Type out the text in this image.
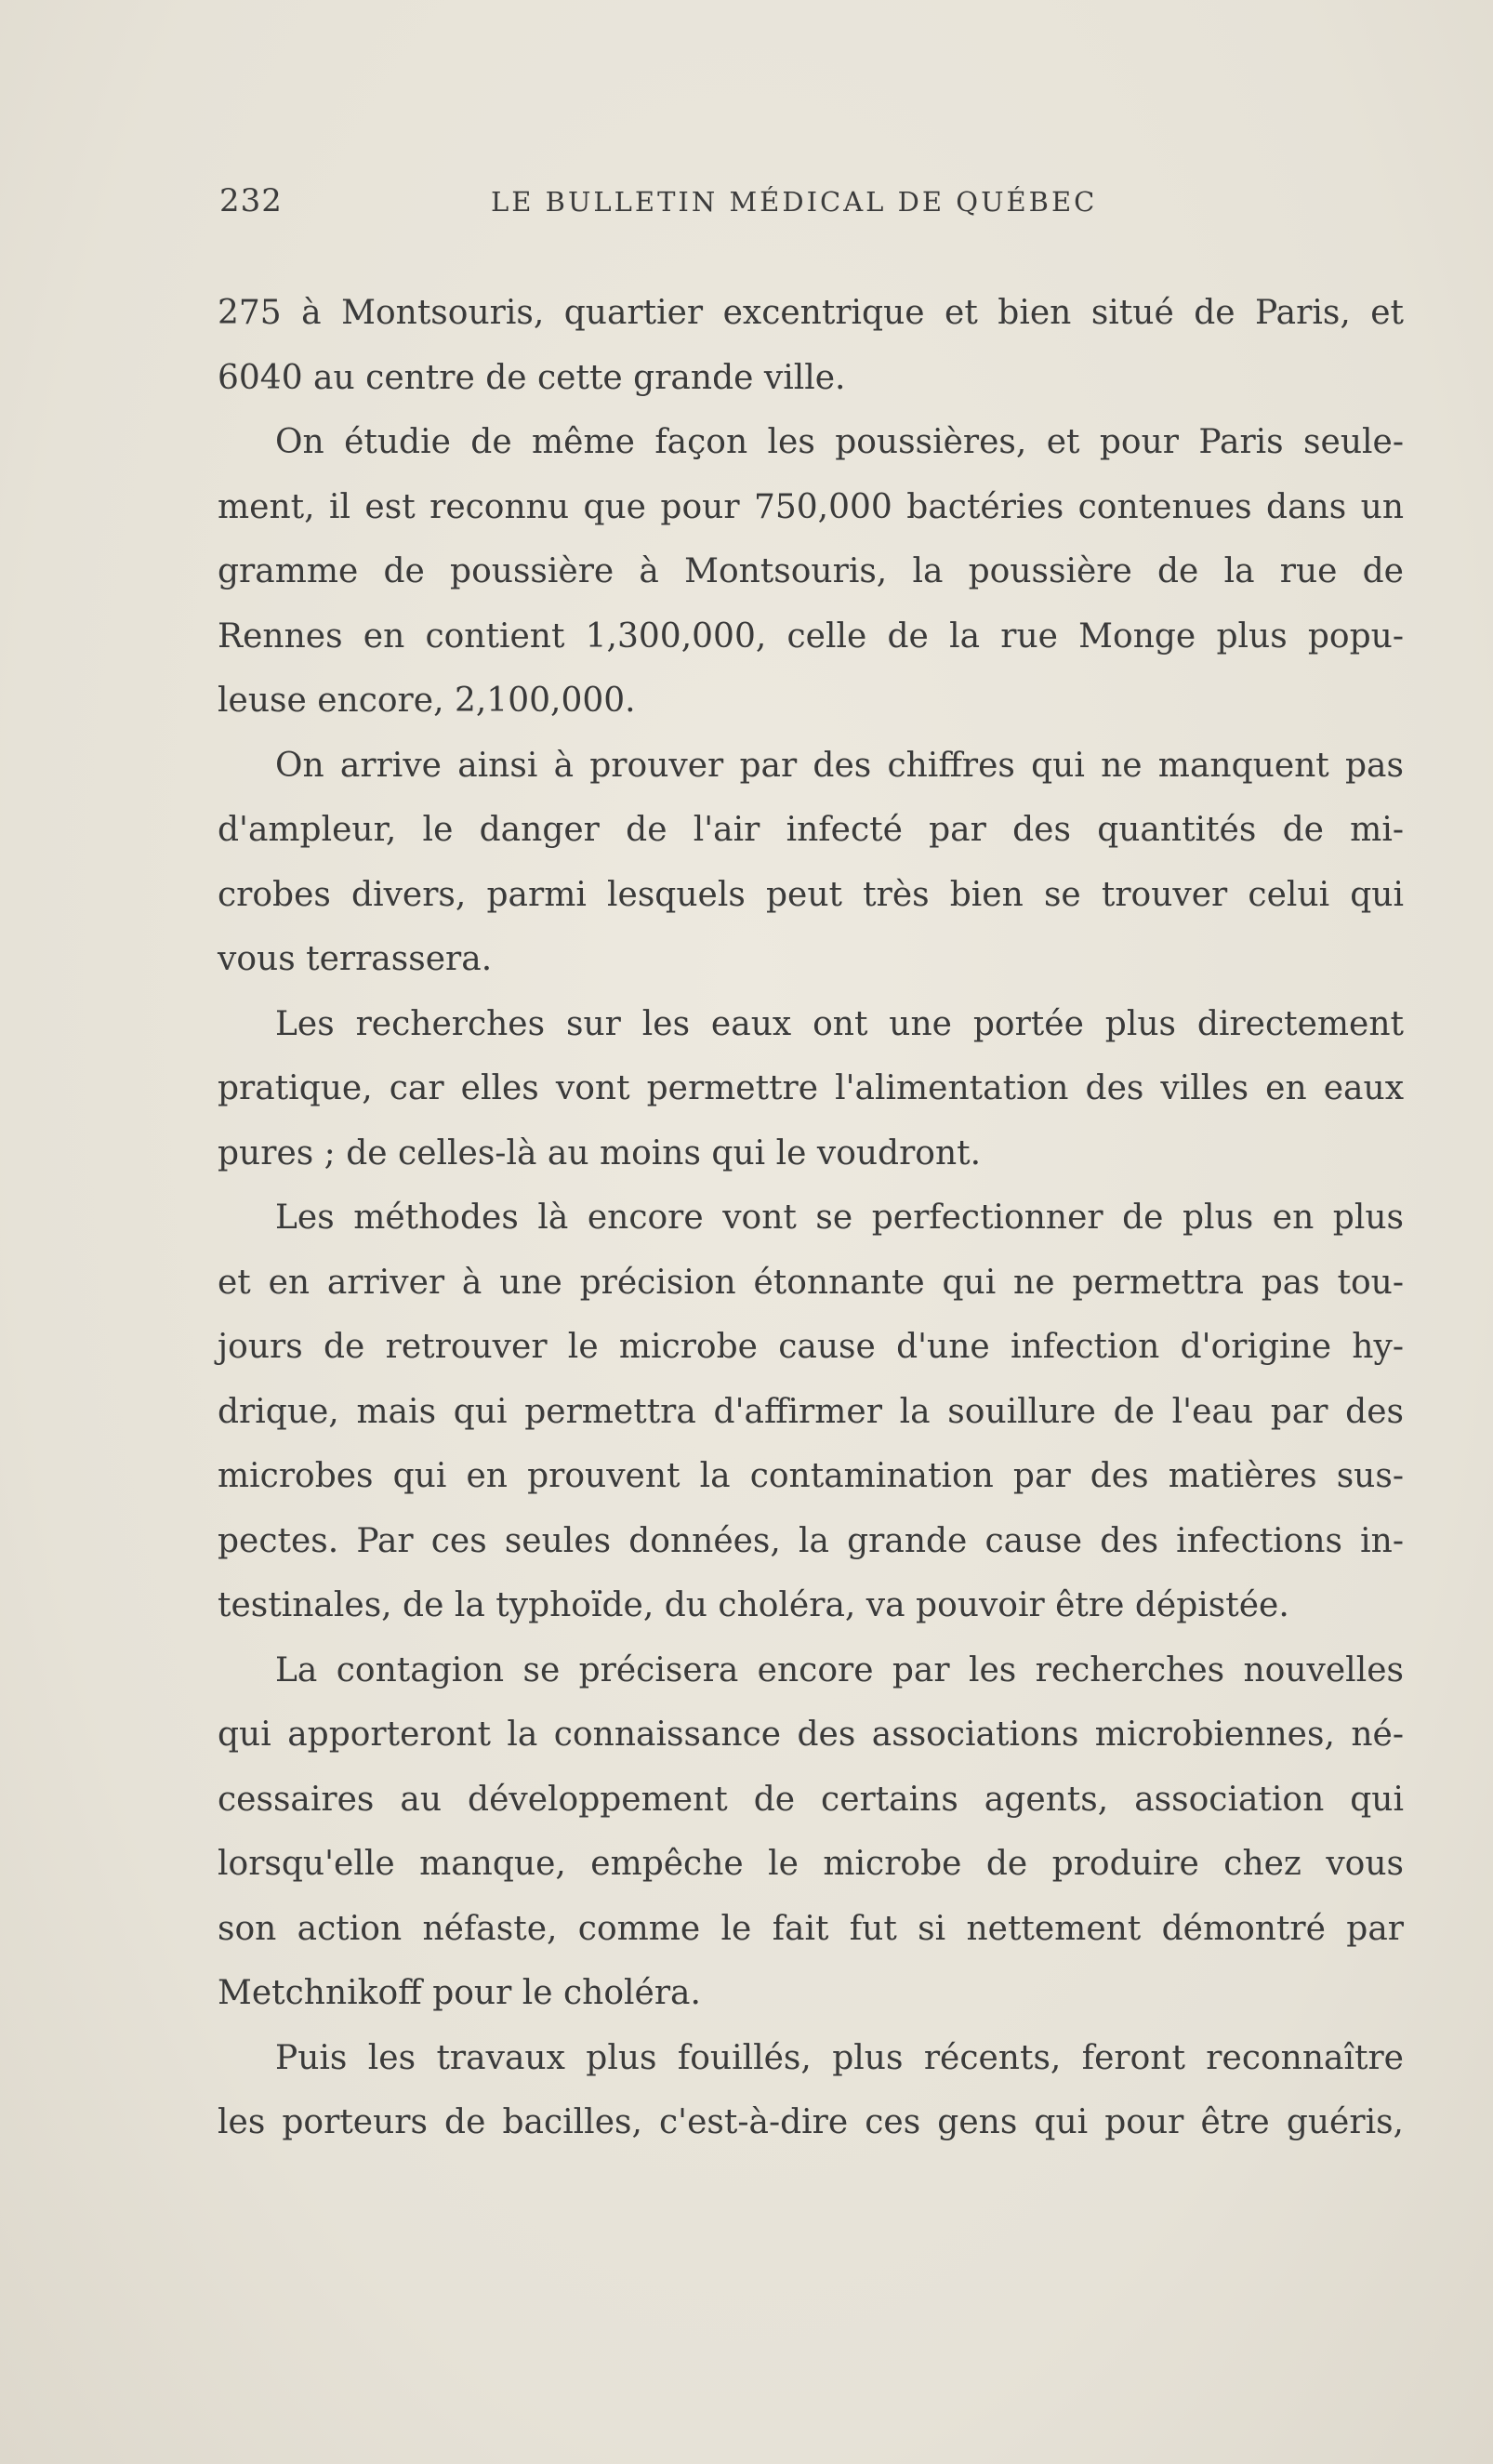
232	LE BULLETIN MÉDICAL DE QUÉBEC
275 à Montsouris, quartier excentrique et bien situé de Paris, et
6040 au centre de cette grande ville.
On étudie de même façon les poussières, et pour Paris seule-
ment, il est reconnu que pour 750,000 bactéries contenues dans un
gramme de poussière à Montsouris, la poussière de la rue de
Rennes en contient 1,300,000, celle de la rue Monge plus popu-
leuse encore, 2,100,000.
On arrive ainsi à prouver par des chiffres qui ne manquent pas
d'ampleur, le danger de l'air infecté par des quantités de mi-
crobes divers, parmi lesquels peut très bien se trouver celui qui
vous terrassera.
Les recherches sur les eaux ont une portée plus directement
pratique, car elles vont permettre l'alimentation des villes en eaux
pures ; de celles-là au moins qui le voudront.
Les méthodes là encore vont se perfectionner de plus en plus
et en arriver à une précision étonnante qui ne permettra pas tou-
jours de retrouver le microbe cause d'une infection d'origine hy-
drique, mais qui permettra d'affirmer la souillure de l'eau par des
microbes qui en prouvent la contamination par des matières sus-
pectes. Par ces seules données, la grande cause des infections in-
testinales, de la typhoïde, du choléra, va pouvoir être dépistée.
La contagion se précisera encore par les recherches nouvelles
qui apporteront la connaissance des associations microbiennes, né-
cessaires au développement de certains agents, association qui
lorsqu'elle manque, empêche le microbe de produire chez vous
son action néfaste, comme le fait fut si nettement démontré par
Metchnikoff pour le choléra.
Puis les travaux plus fouillés, plus récents, feront reconnaître
les porteurs de bacilles, c'est-à-dire ces gens qui pour être guéris,
